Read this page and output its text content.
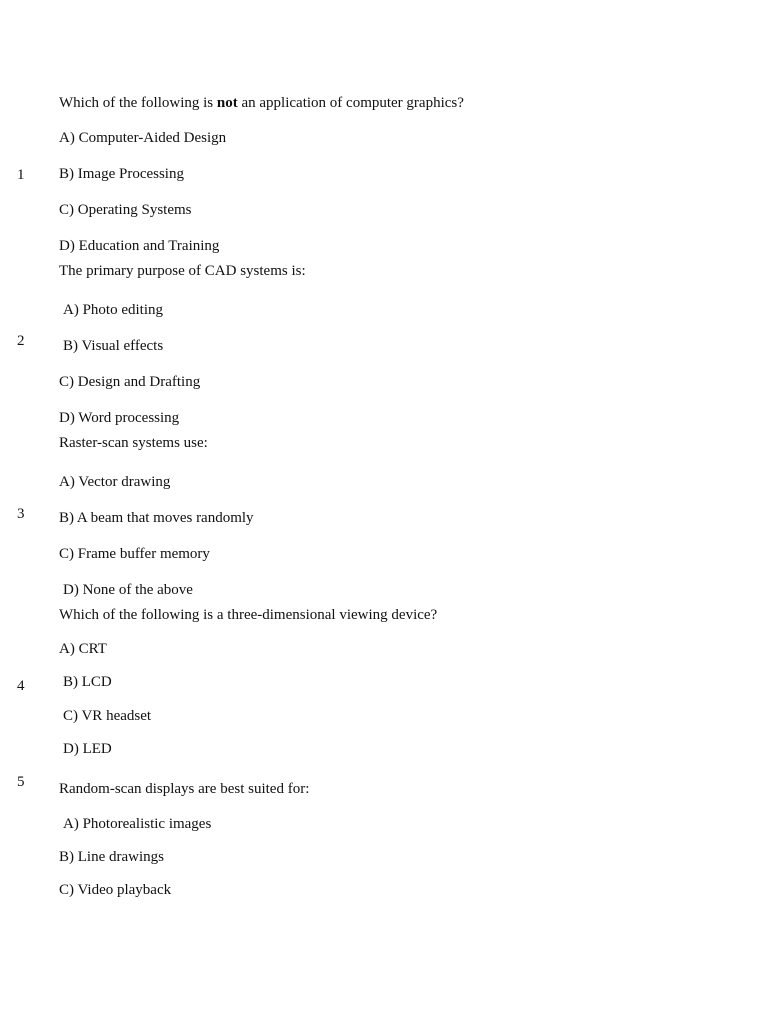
1
Which of the following is not an application of computer graphics?
A) Computer-Aided Design
B) Image Processing
C) Operating Systems
D) Education and Training
2
The primary purpose of CAD systems is:
A) Photo editing
B) Visual effects
C) Design and Drafting
D) Word processing
3
Raster-scan systems use:
A) Vector drawing
B) A beam that moves randomly
C) Frame buffer memory
D) None of the above
4
Which of the following is a three-dimensional viewing device?
A) CRT
B) LCD
C) VR headset
D) LED
5 Random-scan displays are best suited for:
A) Photorealistic images
B) Line drawings
C) Video playback
